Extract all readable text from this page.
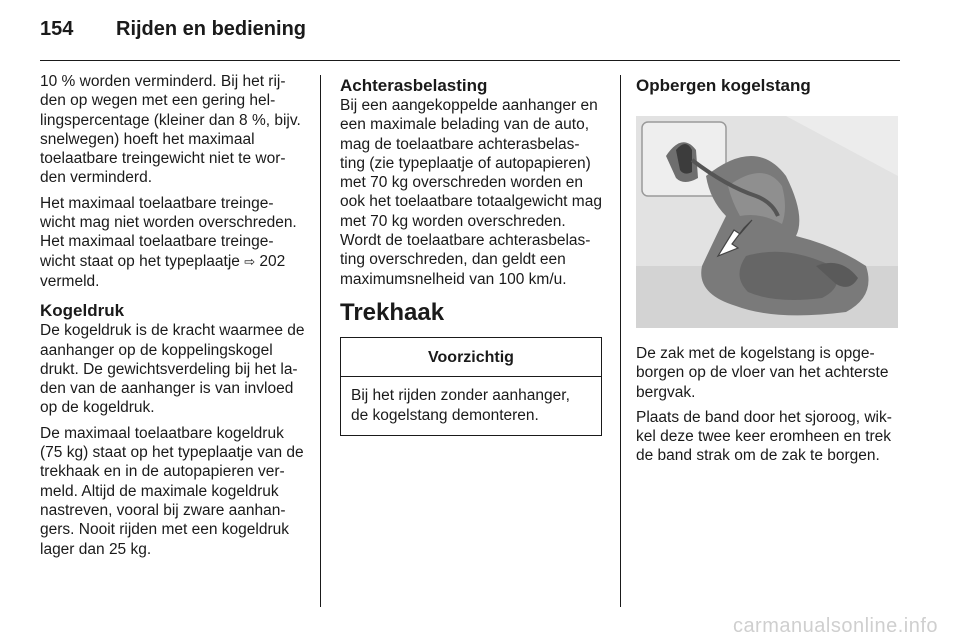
154 Rijden en bediening

10 % worden verminderd. Bij het rij-den op wegen met een gering hel-lingspercentage (kleiner dan 8 %, bijv. snelwegen) hoeft het maximaal toelaatbare treingewicht niet te wor-den verminderd.

Het maximaal toelaatbare treinge-wicht mag niet worden overschreden. Het maximaal toelaatbare treinge-wicht staat op het typeplaatje ⇨ 202 vermeld.

Kogeldruk

De kogeldruk is de kracht waarmee de aanhanger op de koppelingskogel drukt. De gewichtsverdeling bij het la-den van de aanhanger is van invloed op de kogeldruk.

De maximaal toelaatbare kogeldruk (75 kg) staat op het typeplaatje van de trekhaak en in de autopapieren ver-meld. Altijd de maximale kogeldruk nastreven, vooral bij zware aanhan-gers. Nooit rijden met een kogeldruk lager dan 25 kg.

Achterasbelasting

Bij een aangekoppelde aanhanger en een maximale belading van de auto, mag de toelaatbare achterasbelas-ting (zie typeplaatje of autopapieren) met 70 kg overschreden worden en ook het toelaatbare totaalgewicht mag met 70 kg worden overschreden. Wordt de toelaatbare achterasbelas-ting overschreden, dan geldt een maximumsnelheid van 100 km/u.

Trekhaak
Voorzichtig
Bij het rijden zonder aanhanger, de kogelstang demonteren.
Opbergen kogelstang

De zak met de kogelstang is opge-borgen op de vloer van het achterste bergvak.

Plaats de band door het sjoroog, wik-kel deze twee keer eromheen en trek de band strak om de zak te borgen.

carmanualsonline.info
